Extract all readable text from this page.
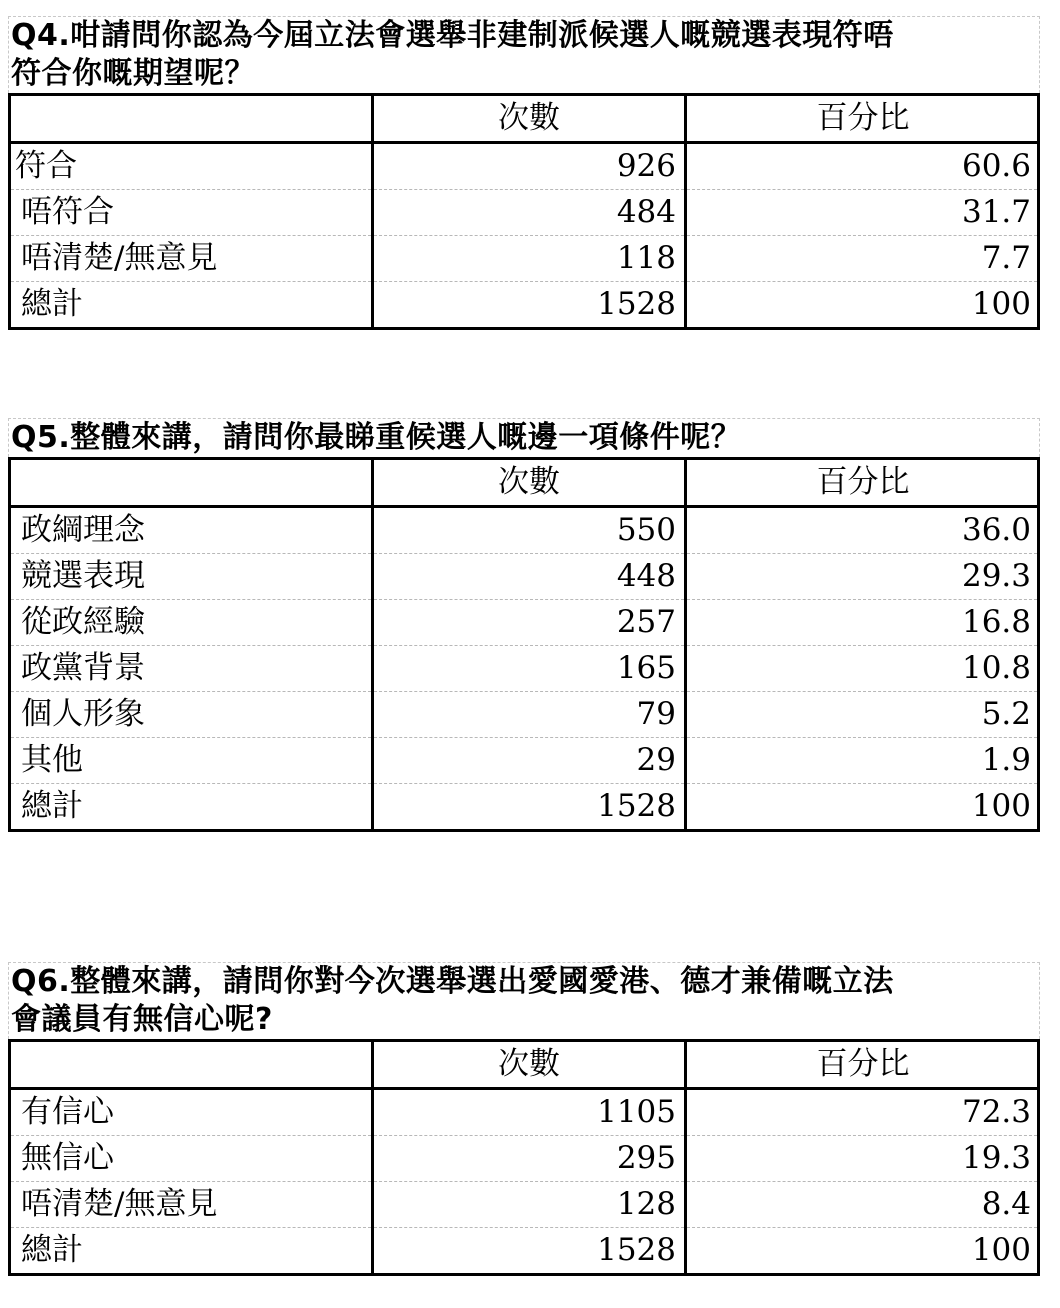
Q4.咁請問你認為今屆立法會選舉非建制派候選人嘅競選表現符唔
符合你嘅期望呢？
	次數	百分比
符合	926	60.6
唔符合	484	31.7
唔清楚/無意見	118	7.7
總計	1528	100
Q5.整體來講，請問你最睇重候選人嘅邊一項條件呢？
	次數	百分比
政綱理念	550	36.0
競選表現	448	29.3
從政經驗	257	16.8
政黨背景	165	10.8
個人形象	79	5.2
其他	29	1.9
總計	1528	100
Q6.整體來講，請問你對今次選舉選出愛國愛港、德才兼備嘅立法
會議員有無信心呢?
	次數	百分比
有信心	1105	72.3
無信心	295	19.3
唔清楚/無意見	128	8.4
總計	1528	100
